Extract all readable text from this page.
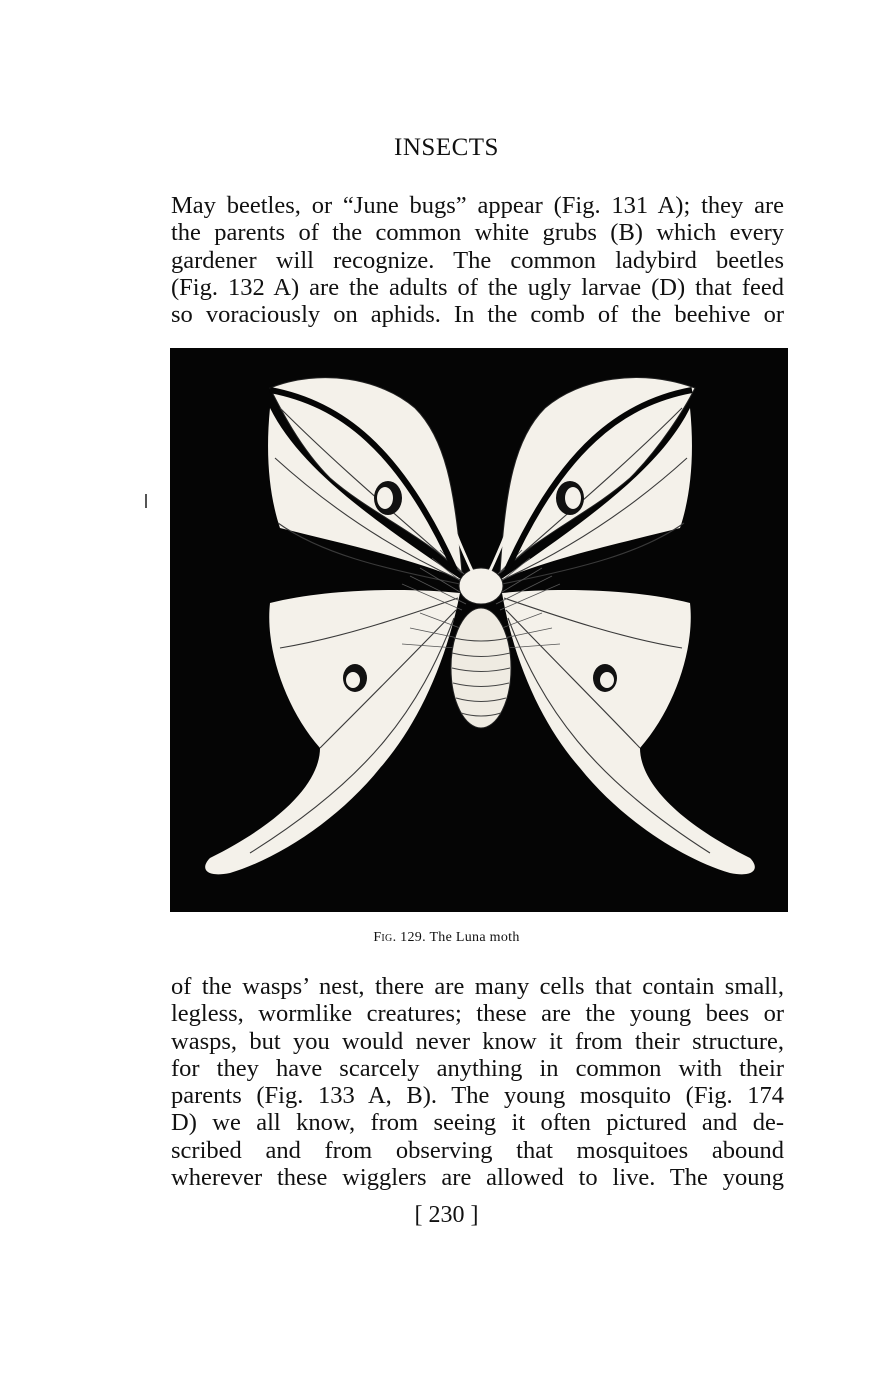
INSECTS
May beetles, or “June bugs” appear (Fig. 131 A); they are
the parents of the common white grubs (B) which every
gardener will recognize. The common ladybird beetles
(Fig. 132 A) are the adults of the ugly larvae (D) that feed
so voraciously on aphids. In the comb of the beehive or
Fig. 129. The Luna moth
of the wasps’ nest, there are many cells that contain small,
legless, wormlike creatures; these are the young bees or
wasps, but you would never know it from their structure,
for they have scarcely anything in common with their
parents (Fig. 133 A, B). The young mosquito (Fig. 174
D) we all know, from seeing it often pictured and de-
scribed and from observing that mosquitoes abound
wherever these wigglers are allowed to live. The young
[ 230 ]
